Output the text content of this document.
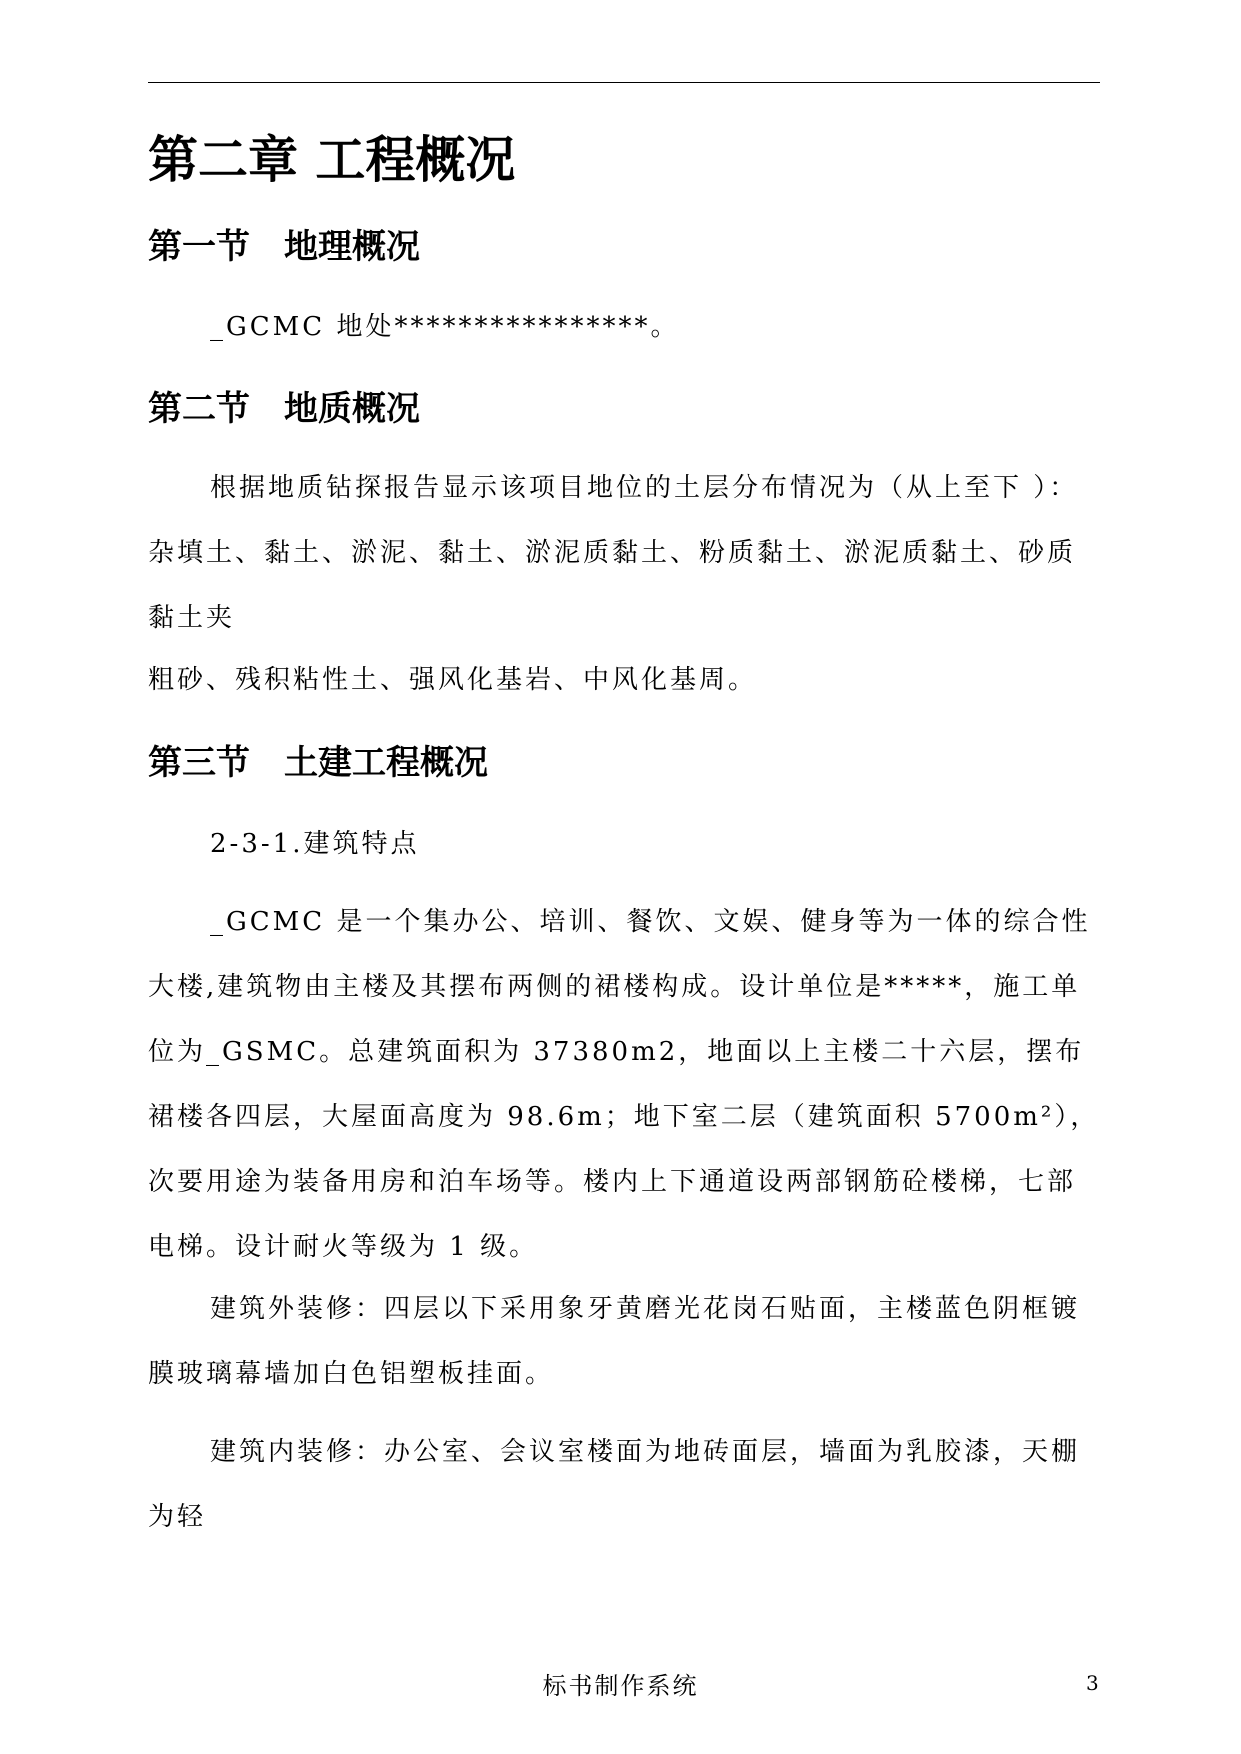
第二章 工程概况
第一节　地理概况

_GCMC 地处****************。

第二节　地质概况

根据地质钻探报告显示该项目地位的土层分布情况为（从上至下 ）：杂填土、黏土、淤泥、黏土、淤泥质黏土、粉质黏土、淤泥质黏土、砂质黏土夹

粗砂、残积粘性土、强风化基岩、中风化基周。

第三节　土建工程概况

2-3-1.建筑特点

_GCMC 是一个集办公、培训、餐饮、文娱、健身等为一体的综合性大楼,建筑物由主楼及其摆布两侧的裙楼构成。设计单位是*****，施工单位为_GSMC。总建筑面积为 37380m2，地面以上主楼二十六层，摆布裙楼各四层，大屋面高度为 98.6m；地下室二层（建筑面积 5700m²），次要用途为装备用房和泊车场等。楼内上下通道设两部钢筋砼楼梯，七部电梯。设计耐火等级为 1 级。

建筑外装修：四层以下采用象牙黄磨光花岗石贴面，主楼蓝色阴框镀膜玻璃幕墙加白色铝塑板挂面。

建筑内装修：办公室、会议室楼面为地砖面层，墙面为乳胶漆，天棚为轻

标书制作系统	3
